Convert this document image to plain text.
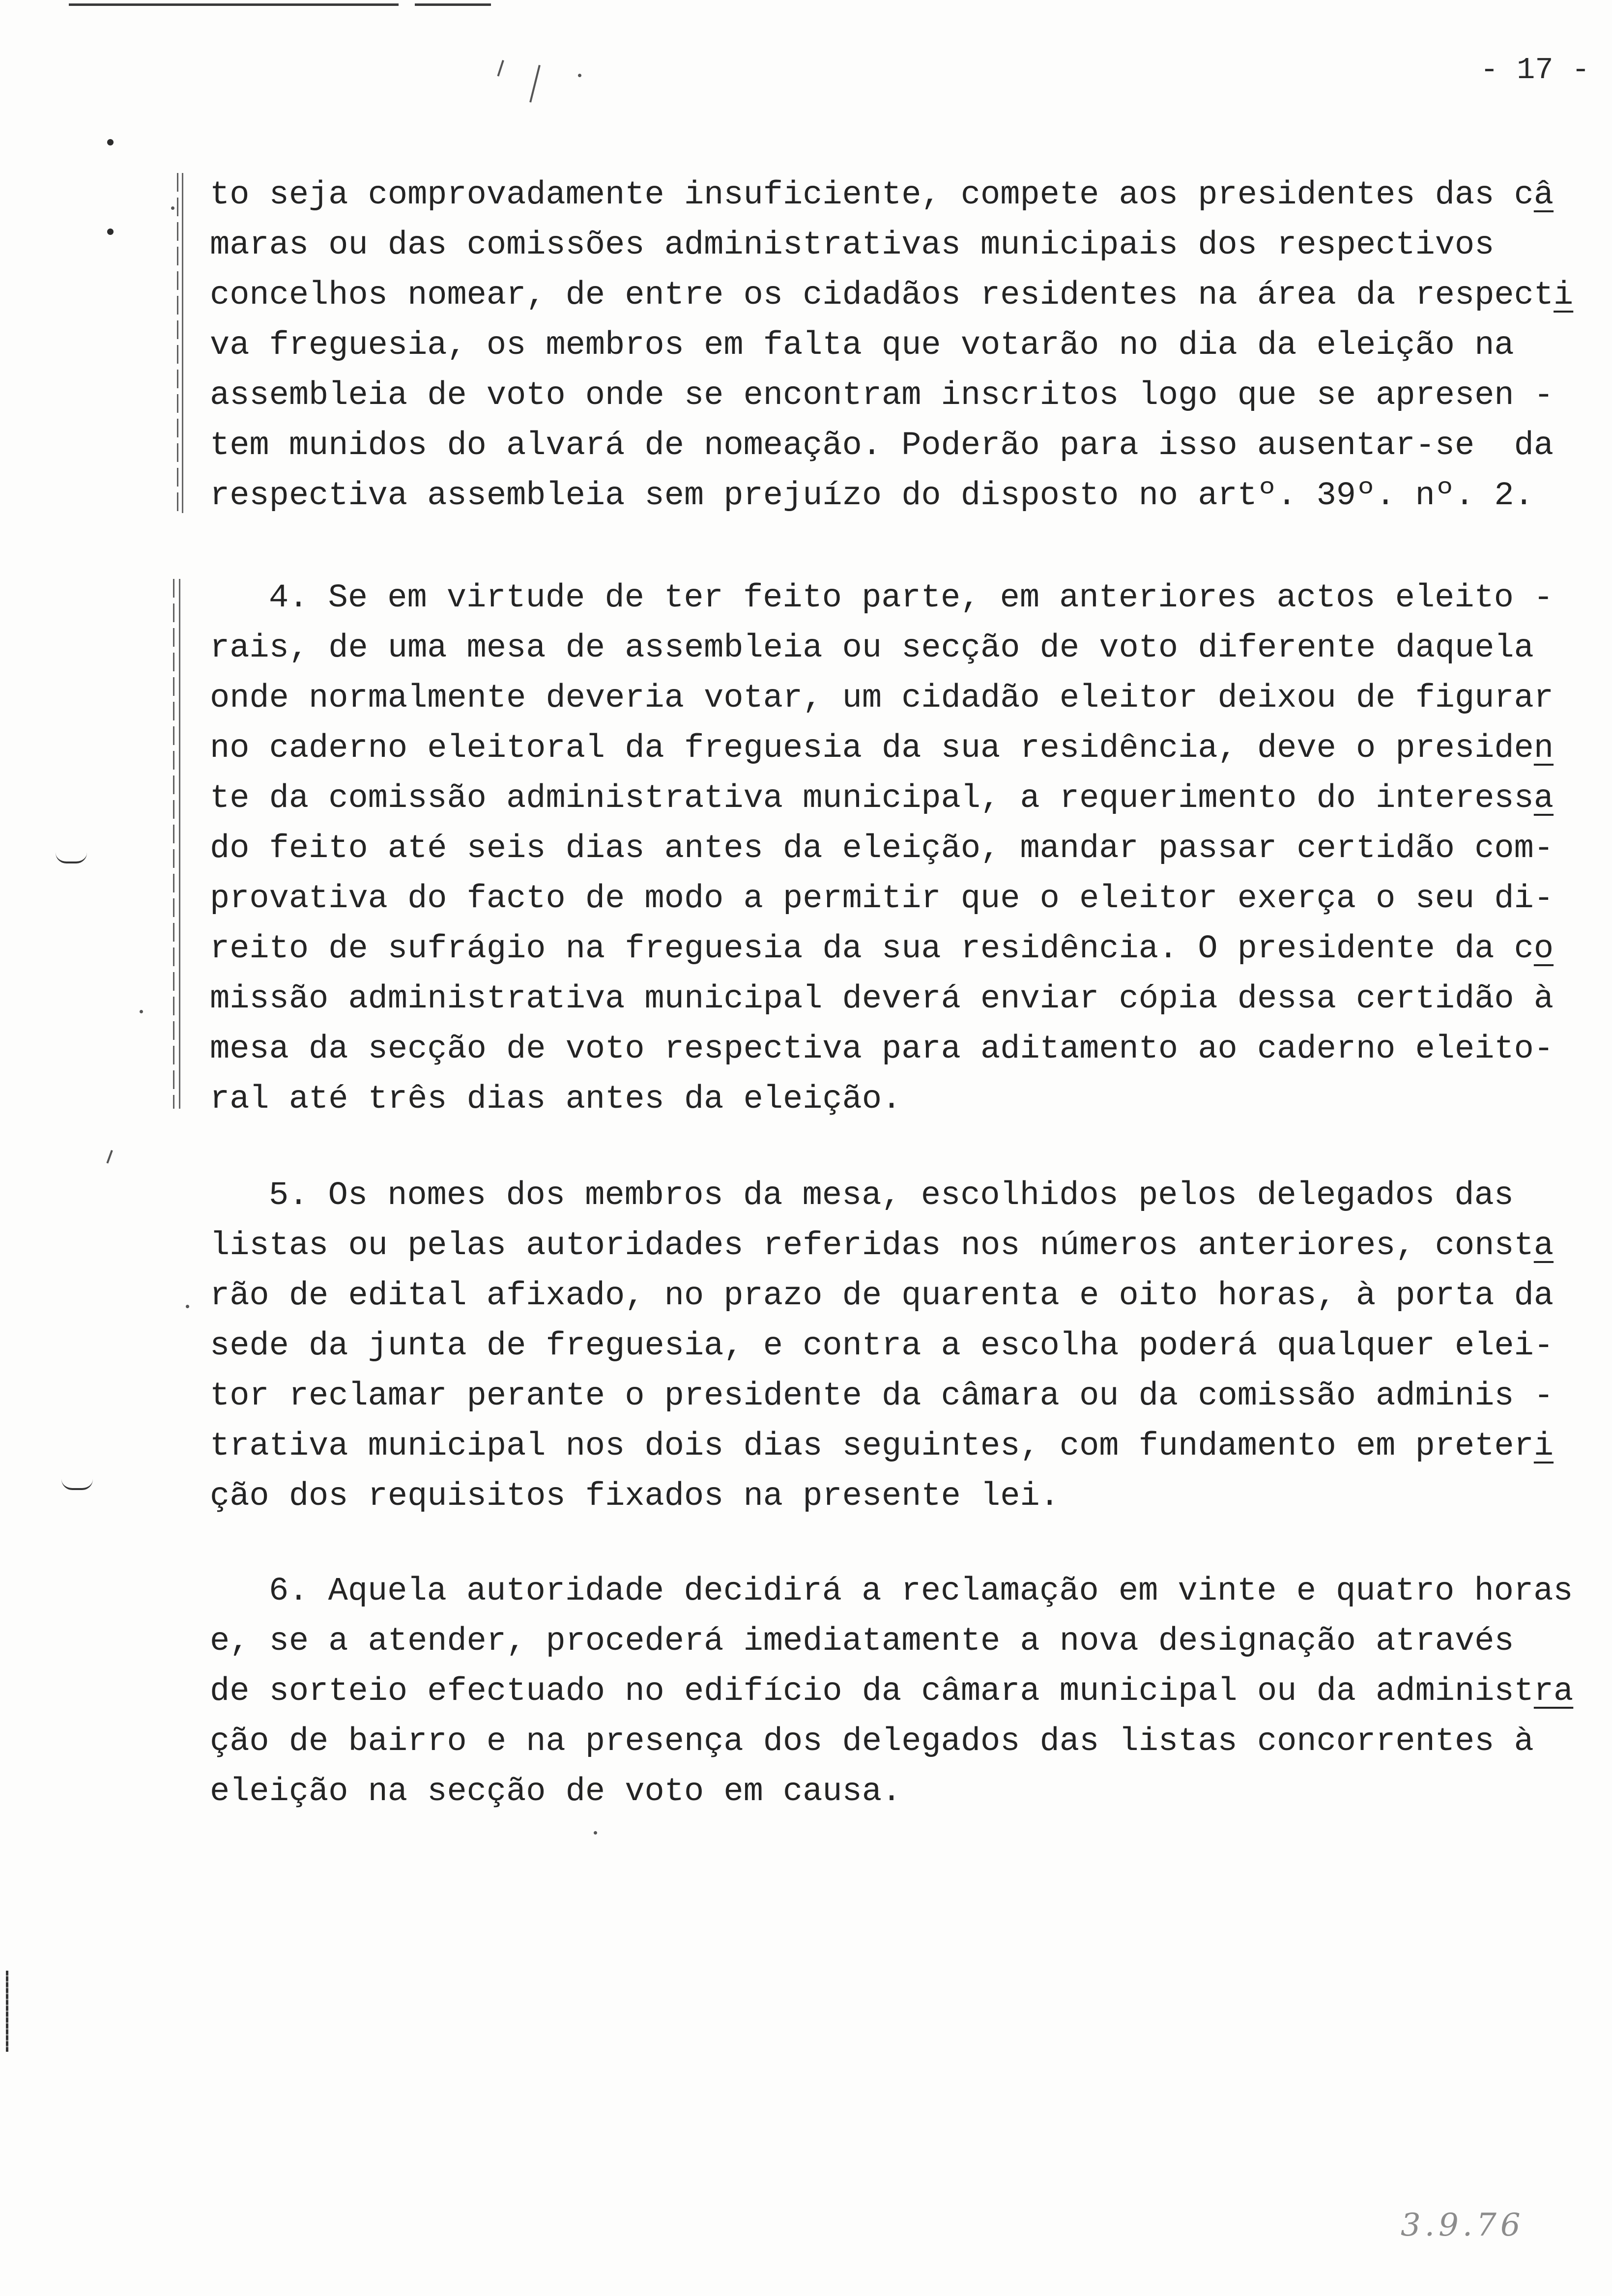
- 17 -
to seja comprovadamente insuficiente, compete aos presidentes das câ
maras ou das comissões administrativas municipais dos respectivos
concelhos nomear, de entre os cidadãos residentes na área da respecti
va freguesia, os membros em falta que votarão no dia da eleição na
assembleia de voto onde se encontram inscritos logo que se apresen -
tem munidos do alvará de nomeação. Poderão para isso ausentar-se  da
respectiva assembleia sem prejuízo do disposto no artº. 39º. nº. 2.
4. Se em virtude de ter feito parte, em anteriores actos eleito -
rais, de uma mesa de assembleia ou secção de voto diferente daquela
onde normalmente deveria votar, um cidadão eleitor deixou de figurar
no caderno eleitoral da freguesia da sua residência, deve o presiden
te da comissão administrativa municipal, a requerimento do interessa
do feito até seis dias antes da eleição, mandar passar certidão com-
provativa do facto de modo a permitir que o eleitor exerça o seu di-
reito de sufrágio na freguesia da sua residência. O presidente da co
missão administrativa municipal deverá enviar cópia dessa certidão à
mesa da secção de voto respectiva para aditamento ao caderno eleito-
ral até três dias antes da eleição.
5. Os nomes dos membros da mesa, escolhidos pelos delegados das
listas ou pelas autoridades referidas nos números anteriores, consta
rão de edital afixado, no prazo de quarenta e oito horas, à porta da
sede da junta de freguesia, e contra a escolha poderá qualquer elei-
tor reclamar perante o presidente da câmara ou da comissão adminis -
trativa municipal nos dois dias seguintes, com fundamento em preteri
ção dos requisitos fixados na presente lei.
6. Aquela autoridade decidirá a reclamação em vinte e quatro horas
e, se a atender, procederá imediatamente a nova designação através
de sorteio efectuado no edifício da câmara municipal ou da administra
ção de bairro e na presença dos delegados das listas concorrentes à
eleição na secção de voto em causa.
3.9.76
